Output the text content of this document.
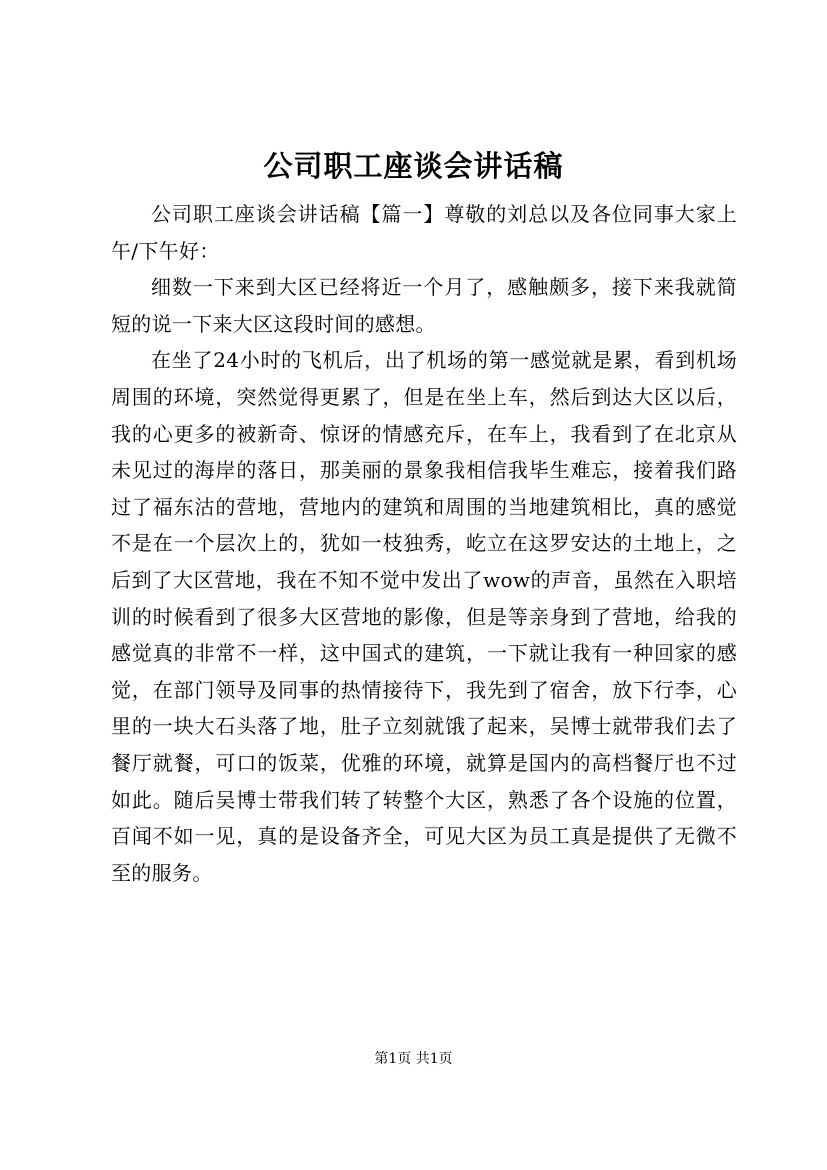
公司职工座谈会讲话稿

公司职工座谈会讲话稿【篇一】尊敬的刘总以及各位同事大家上午/下午好：

细数一下来到大区已经将近一个月了，感触颇多，接下来我就简短的说一下来大区这段时间的感想。

在坐了24小时的飞机后，出了机场的第一感觉就是累，看到机场周围的环境，突然觉得更累了，但是在坐上车，然后到达大区以后，我的心更多的被新奇、惊讶的情感充斥，在车上，我看到了在北京从未见过的海岸的落日，那美丽的景象我相信我毕生难忘，接着我们路过了福东沽的营地，营地内的建筑和周围的当地建筑相比，真的感觉不是在一个层次上的，犹如一枝独秀，屹立在这罗安达的土地上，之后到了大区营地，我在不知不觉中发出了wow的声音，虽然在入职培训的时候看到了很多大区营地的影像，但是等亲身到了营地，给我的感觉真的非常不一样，这中国式的建筑，一下就让我有一种回家的感觉，在部门领导及同事的热情接待下，我先到了宿舍，放下行李，心里的一块大石头落了地，肚子立刻就饿了起来，吴博士就带我们去了餐厅就餐，可口的饭菜，优雅的环境，就算是国内的高档餐厅也不过如此。随后吴博士带我们转了转整个大区，熟悉了各个设施的位置，百闻不如一见，真的是设备齐全，可见大区为员工真是提供了无微不至的服务。

第1页 共1页
